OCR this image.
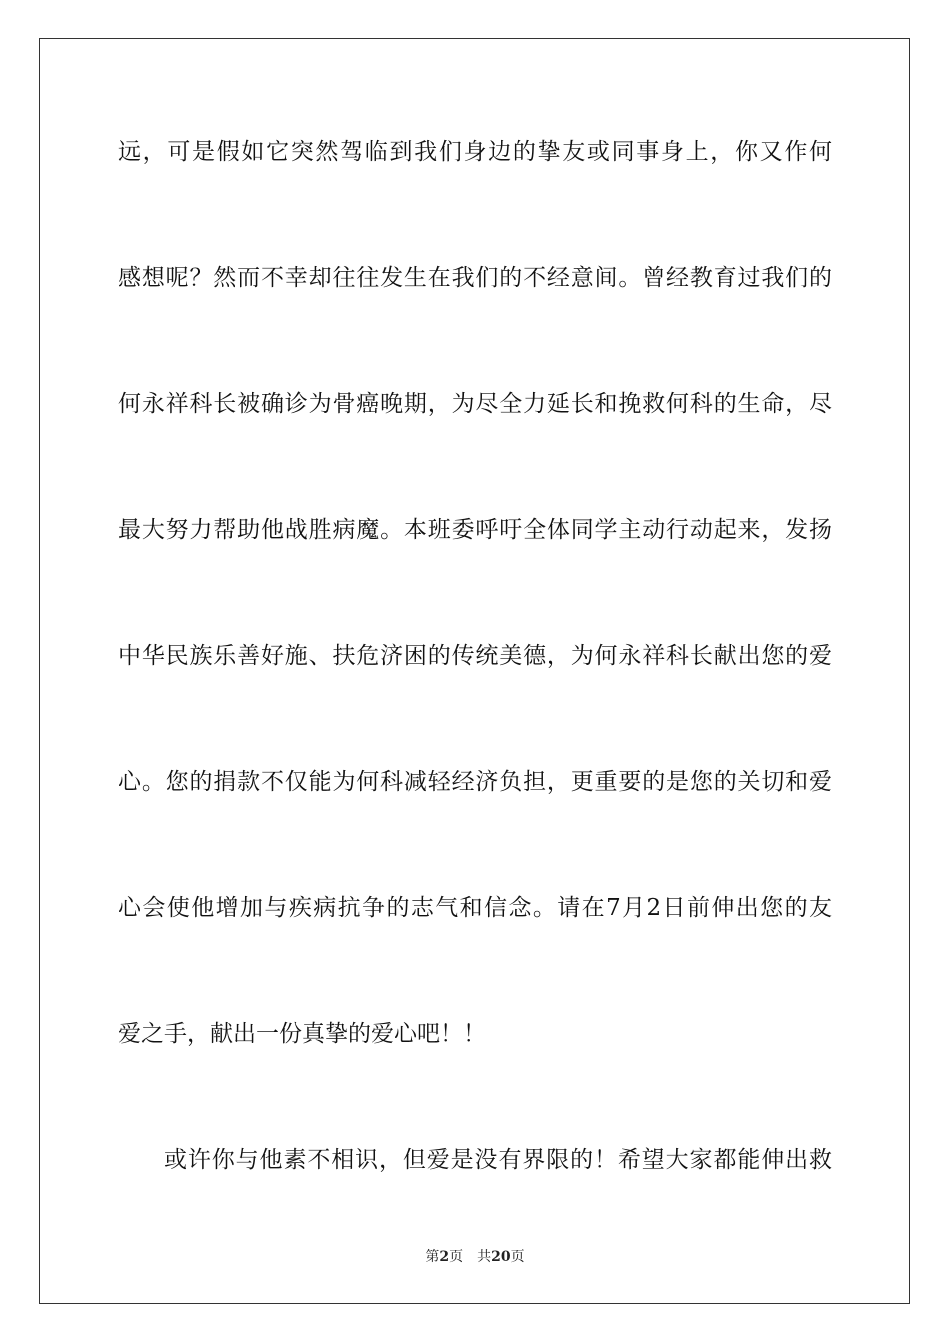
远，可是假如它突然驾临到我们身边的挚友或同事身上，你又作何
感想呢？然而不幸却往往发生在我们的不经意间。曾经教育过我们的
何永祥科长被确诊为骨癌晚期，为尽全力延长和挽救何科的生命，尽
最大努力帮助他战胜病魔。本班委呼吁全体同学主动行动起来，发扬
中华民族乐善好施、扶危济困的传统美德，为何永祥科长献出您的爱
心。您的捐款不仅能为何科减轻经济负担，更重要的是您的关切和爱
心会使他增加与疾病抗争的志气和信念。请在7月2日前伸出您的友
爱之手，献出一份真挚的爱心吧！！
或许你与他素不相识，但爱是没有界限的！希望大家都能伸出救
第2页 共20页
